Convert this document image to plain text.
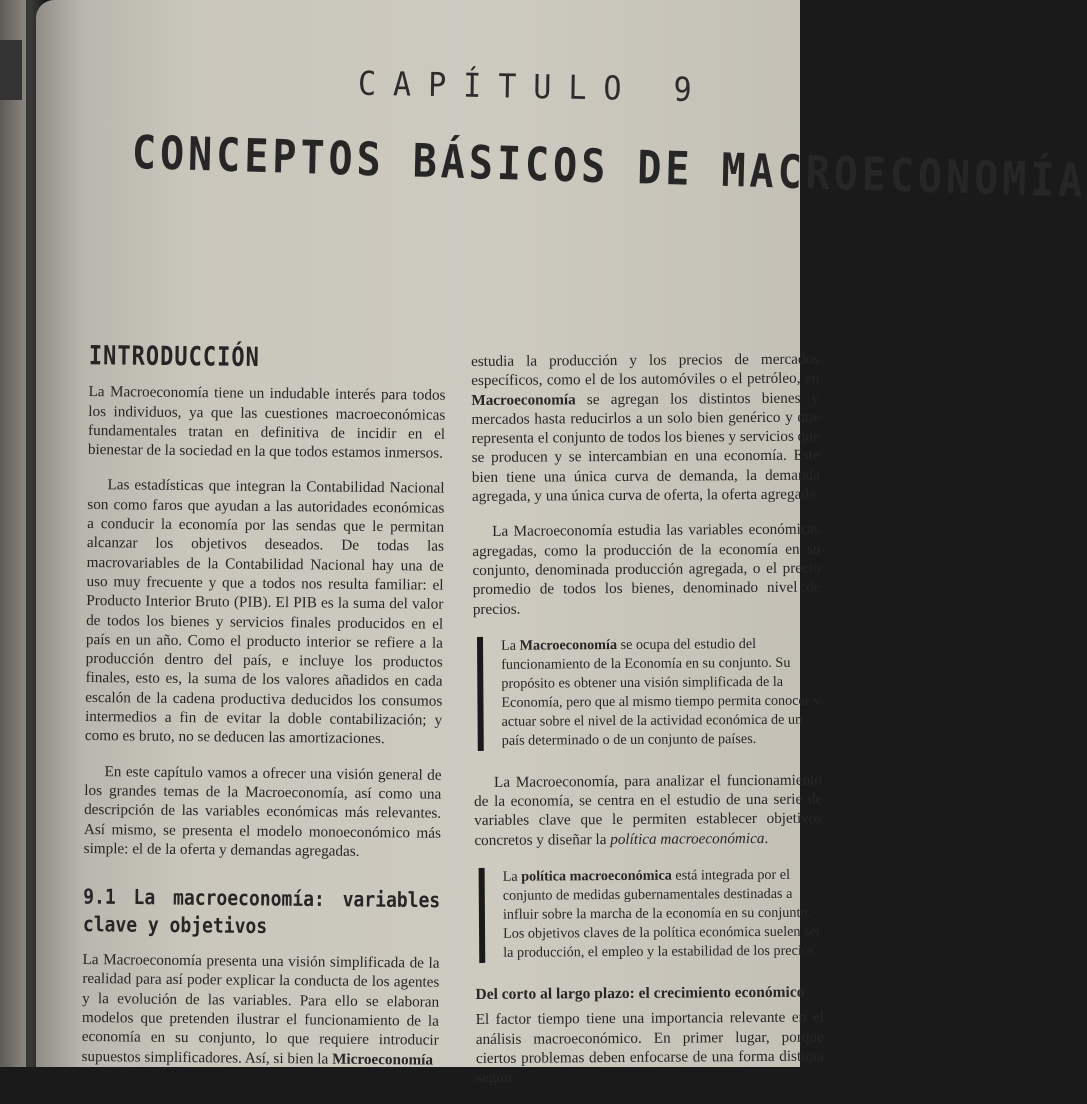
CAPÍTULO 9
CONCEPTOS BÁSICOS DE MACROECONOMÍA
INTRODUCCIÓN

La Macroeconomía tiene un indudable interés para todos los individuos, ya que las cuestiones macroeconómicas fundamentales tratan en definitiva de incidir en el bienestar de la sociedad en la que todos estamos inmersos.

Las estadísticas que integran la Contabilidad Nacional son como faros que ayudan a las autoridades económicas a conducir la economía por las sendas que le permitan alcanzar los objetivos deseados. De todas las macrovariables de la Contabilidad Nacional hay una de uso muy frecuente y que a todos nos resulta familiar: el Producto Interior Bruto (PIB). El PIB es la suma del valor de todos los bienes y servicios finales producidos en el país en un año. Como el producto interior se refiere a la producción dentro del país, e incluye los productos finales, esto es, la suma de los valores añadidos en cada escalón de la cadena productiva deducidos los consumos intermedios a fin de evitar la doble contabilización; y como es bruto, no se deducen las amortizaciones.

En este capítulo vamos a ofrecer una visión general de los grandes temas de la Macroeconomía, así como una descripción de las variables económicas más relevantes. Así mismo, se presenta el modelo monoeconómico más simple: el de la oferta y demandas agregadas.

9.1 La macroeconomía: variables clave y objetivos

La Macroeconomía presenta una visión simplificada de la realidad para así poder explicar la conducta de los agentes y la evolución de las variables. Para ello se elaboran modelos que pretenden ilustrar el funcionamiento de la economía en su conjunto, lo que requiere introducir supuestos simplificadores. Así, si bien la Microeconomía

estudia la producción y los precios de mercados específicos, como el de los automóviles o el petróleo, en Macroeconomía se agregan los distintos bienes y mercados hasta reducirlos a un solo bien genérico y que representa el conjunto de todos los bienes y servicios que se producen y se intercambian en una economía. Este bien tiene una única curva de demanda, la demanda agregada, y una única curva de oferta, la oferta agregada.

La Macroeconomía estudia las variables económicas agregadas, como la producción de la economía en su conjunto, denominada producción agregada, o el precio promedio de todos los bienes, denominado nivel de precios.

La Macroeconomía se ocupa del estudio del funcionamiento de la Economía en su conjunto. Su propósito es obtener una visión simplificada de la Economía, pero que al mismo tiempo permita conocer y actuar sobre el nivel de la actividad económica de un país determinado o de un conjunto de países.

La Macroeconomía, para analizar el funcionamiento de la economía, se centra en el estudio de una serie de variables clave que le permiten establecer objetivos concretos y diseñar la política macroeconómica.

La política macroeconómica está integrada por el conjunto de medidas gubernamentales destinadas a influir sobre la marcha de la economía en su conjunto. Los objetivos claves de la política económica suelen ser la producción, el empleo y la estabilidad de los precios.
Del corto al largo plazo: el crecimiento económico

El factor tiempo tiene una importancia relevante en el análisis macroeconómico. En primer lugar, porque ciertos problemas deben enfocarse de una forma distinta según
